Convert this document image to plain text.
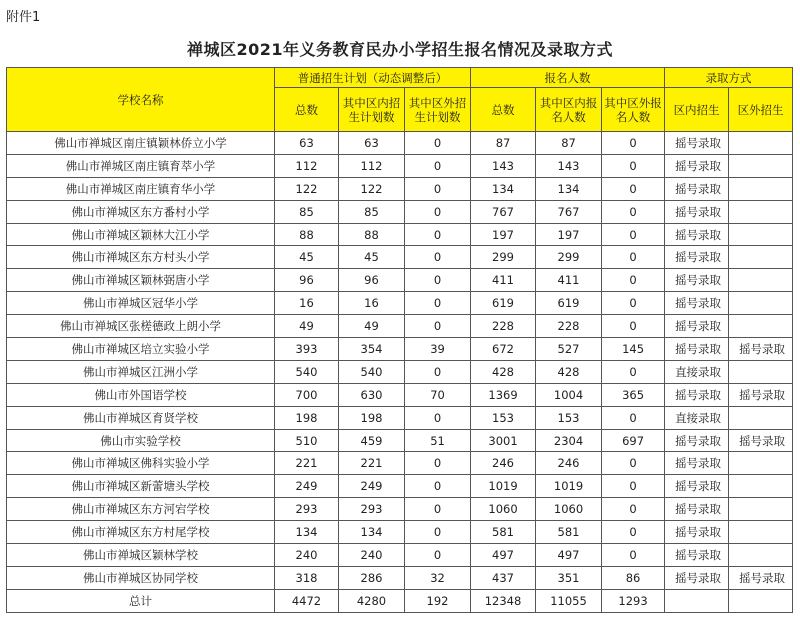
附件1
禅城区2021年义务教育民办小学招生报名情况及录取方式
学校名称	普通招生计划（动态调整后）			报名人数			录取方式	
	总数	其中区内招生计划数	其中区外招生计划数	总数	其中区内报名人数	其中区外报名人数	区内招生	区外招生
佛山市禅城区南庄镇颖林侨立小学	63	63	0	87	87	0	摇号录取	
佛山市禅城区南庄镇育萃小学	112	112	0	143	143	0	摇号录取	
佛山市禅城区南庄镇育华小学	122	122	0	134	134	0	摇号录取	
佛山市禅城区东方番村小学	85	85	0	767	767	0	摇号录取	
佛山市禅城区颖林大江小学	88	88	0	197	197	0	摇号录取	
佛山市禅城区东方村头小学	45	45	0	299	299	0	摇号录取	
佛山市禅城区颖林弼唐小学	96	96	0	411	411	0	摇号录取	
佛山市禅城区冠华小学	16	16	0	619	619	0	摇号录取	
佛山市禅城区张槎德政上朗小学	49	49	0	228	228	0	摇号录取	
佛山市禅城区培立实验小学	393	354	39	672	527	145	摇号录取	摇号录取
佛山市禅城区江洲小学	540	540	0	428	428	0	直接录取	
佛山市外国语学校	700	630	70	1369	1004	365	摇号录取	摇号录取
佛山市禅城区育贤学校	198	198	0	153	153	0	直接录取	
佛山市实验学校	510	459	51	3001	2304	697	摇号录取	摇号录取
佛山市禅城区佛科实验小学	221	221	0	246	246	0	摇号录取	
佛山市禅城区新蕾塘头学校	249	249	0	1019	1019	0	摇号录取	
佛山市禅城区东方河宕学校	293	293	0	1060	1060	0	摇号录取	
佛山市禅城区东方村尾学校	134	134	0	581	581	0	摇号录取	
佛山市禅城区颖林学校	240	240	0	497	497	0	摇号录取	
佛山市禅城区协同学校	318	286	32	437	351	86	摇号录取	摇号录取
总计	4472	4280	192	12348	11055	1293		
